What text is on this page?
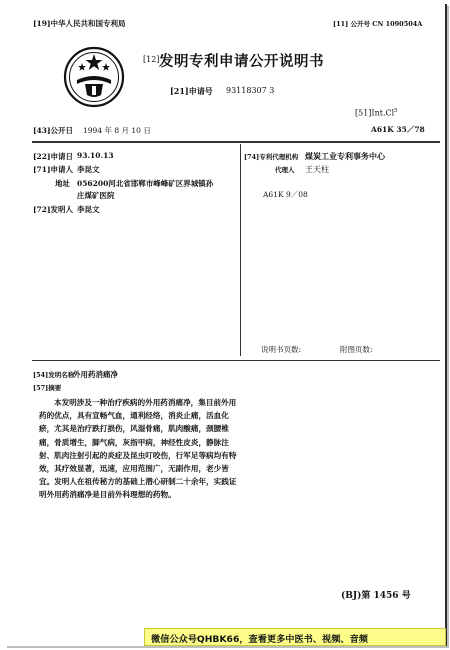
[19]中华人民共和国专利局	[11] 公开号 CN 1090504A
[12] 发明专利申请公开说明书
[21]申请号 93118307 3
[51]Int.Cl$^5$
A61K 35／78
[43]公开日 1994 年 8 月 10 日
[22]申请日 93.10.13
[71]申请人 李昆文
地址 056200河北省邯郸市峰峰矿区界城镇孙
庄煤矿医院
[72]发明人 李昆文
[74]专利代理机构 煤炭工业专利事务中心
代理人 王天柱
A61K 9／08
说明书页数:	附图页数:
[54]发明名称
外用药消痛净
[57]摘要
本发明涉及一种治疗疾病的外用药消痛净，集目前外用药的优点，具有宣畅气血，通利经络，消炎止痛，活血化瘀，尤其是治疗跌打损伤，风湿骨痛，肌肉酸痛，颈腰椎痛，骨质增生，脚气病，灰指甲病，神经性皮炎，静脉注射、肌肉注射引起的炎症及昆虫叮咬伤，行军足等病均有特效，其疗效显著，迅速，应用范围广，无副作用，老少皆宜。发明人在祖传秘方的基础上潜心研制二十余年，实践证明外用药消痛净是目前外科理想的药物。
(BJ)第 1456 号
微信公众号QHBK66，查看更多中医书、视频、音频
